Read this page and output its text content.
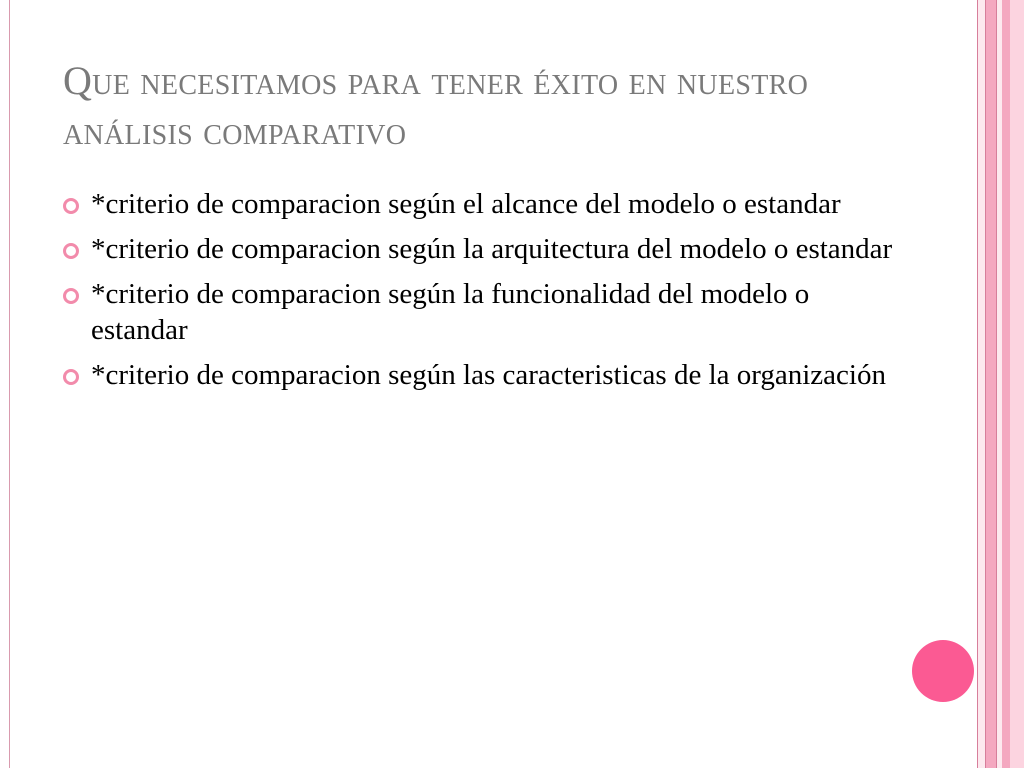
Que necesitamos para tener éxito en nuestro análisis comparativo
*criterio de comparacion según el alcance del modelo o estandar
*criterio de comparacion según la arquitectura del modelo o estandar
*criterio de comparacion según la funcionalidad del modelo o estandar
*criterio de comparacion según las caracteristicas de la organización
